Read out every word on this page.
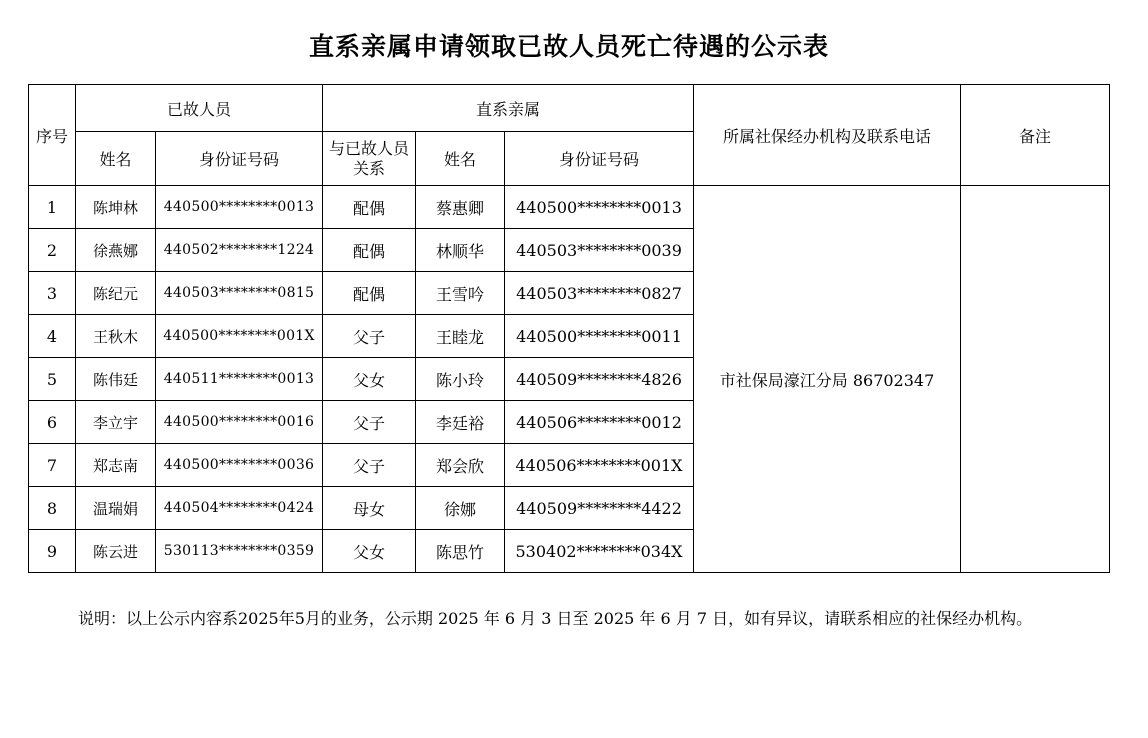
直系亲属申请领取已故人员死亡待遇的公示表
序号	已故人员		直系亲属			所属社保经办机构及联系电话	备注
	姓名	身份证号码	与已故人员关系	姓名	身份证号码		
1	陈坤林	440500********0013	配偶	蔡惠卿	440500********0013	市社保局濠江分局 86702347	
2	徐燕娜	440502********1224	配偶	林顺华	440503********0039		
3	陈纪元	440503********0815	配偶	王雪吟	440503********0827		
4	王秋木	440500********001X	父子	王睦龙	440500********0011		
5	陈伟廷	440511********0013	父女	陈小玲	440509********4826		
6	李立宇	440500********0016	父子	李廷裕	440506********0012		
7	郑志南	440500********0036	父子	郑会欣	440506********001X		
8	温瑞娟	440504********0424	母女	徐娜	440509********4422		
9	陈云进	530113********0359	父女	陈思竹	530402********034X		
说明：以上公示内容系2025年5月的业务，公示期 2025 年 6 月 3 日至 2025 年 6 月 7 日，如有异议，请联系相应的社保经办机构。
